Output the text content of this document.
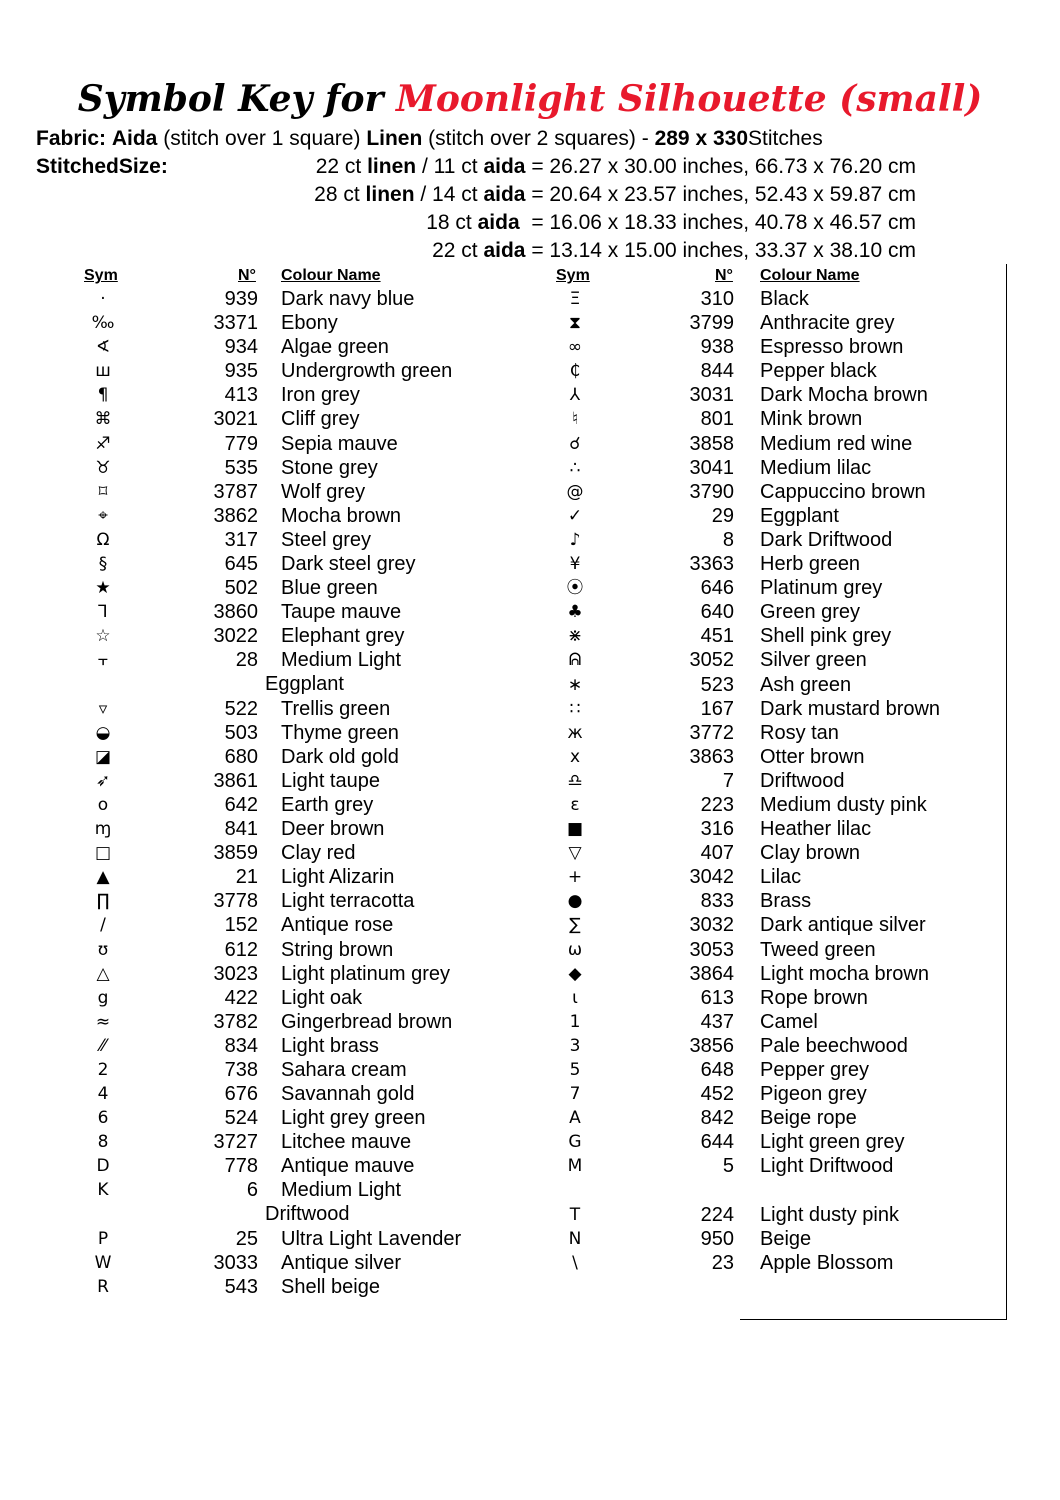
Symbol Key for Moonlight Silhouette (small)
Fabric: Aida (stitch over 1 square) Linen (stitch over 2 squares) - 289 x 330Stitches
StitchedSize:	22 ct linen / 11 ct aida = 26.27 x 30.00 inches, 66.73 x 76.20 cm
28 ct linen / 14 ct aida = 20.64 x 23.57 inches, 52.43 x 59.87 cm
18 ct aida  = 16.06 x 18.33 inches, 40.78 x 46.57 cm
22 ct aida = 13.14 x 15.00 inches, 33.37 x 38.10 cm
Sym	N° Colour Name	Sym	N° Colour Name
·	939 Dark navy blue
‰	3371 Ebony
∢	934 Algae green
ш	935 Undergrowth green
¶	413 Iron grey
⌘	3021 Cliff grey
♐	779 Sepia mauve
♉	535 Stone grey
⌑	3787 Wolf grey
⌖	3862 Mocha brown
Ω	317 Steel grey
§	645 Dark steel grey
★	502 Blue green
⅂	3860 Taupe mauve
☆	3022 Elephant grey
⫟	28 Medium Light
Eggplant
▿	522 Trellis green
◒	503 Thyme green
◪	680 Dark old gold
➶	3861 Light taupe
o	642 Earth grey
ɱ	841 Deer brown
□	3859 Clay red
▲	21 Light Alizarin
∏	3778 Light terracotta
/	152 Antique rose
ʊ	612 String brown
△	3023 Light platinum grey
g	422 Light oak
≈	3782 Gingerbread brown
⁄⁄	834 Light brass
2	738 Sahara cream
4	676 Savannah gold
6	524 Light grey green
8	3727 Litchee mauve
D	778 Antique mauve
K	6 Medium Light
Driftwood
P	25 Ultra Light Lavender
W	3033 Antique silver
R	543 Shell beige
Ξ	310 Black
⧗	3799 Anthracite grey
∞	938 Espresso brown
₵	844 Pepper black
⅄	3031 Dark Mocha brown
♮	801 Mink brown
☌	3858 Medium red wine
∴	3041 Medium lilac
@	3790 Cappuccino brown
✓	29 Eggplant
♪	8 Dark Driftwood
¥	3363 Herb green
⦿	646 Platinum grey
♣	640 Green grey
⋇	451 Shell pink grey
ᕱ	3052 Silver green
∗	523 Ash green
∷	167 Dark mustard brown
ж	3772 Rosy tan
x	3863 Otter brown
♎	7 Driftwood
ɛ	223 Medium dusty pink
■	316 Heather lilac
▽	407 Clay brown
+	3042 Lilac
●	833 Brass
∑	3032 Dark antique silver
ω	3053 Tweed green
◆	3864 Light mocha brown
ɩ	613 Rope brown
1	437 Camel
3	3856 Pale beechwood
5	648 Pepper grey
7	452 Pigeon grey
A	842 Beige rope
G	644 Light green grey
M	5 Light Driftwood
T	224 Light dusty pink
N	950 Beige
\	23 Apple Blossom
